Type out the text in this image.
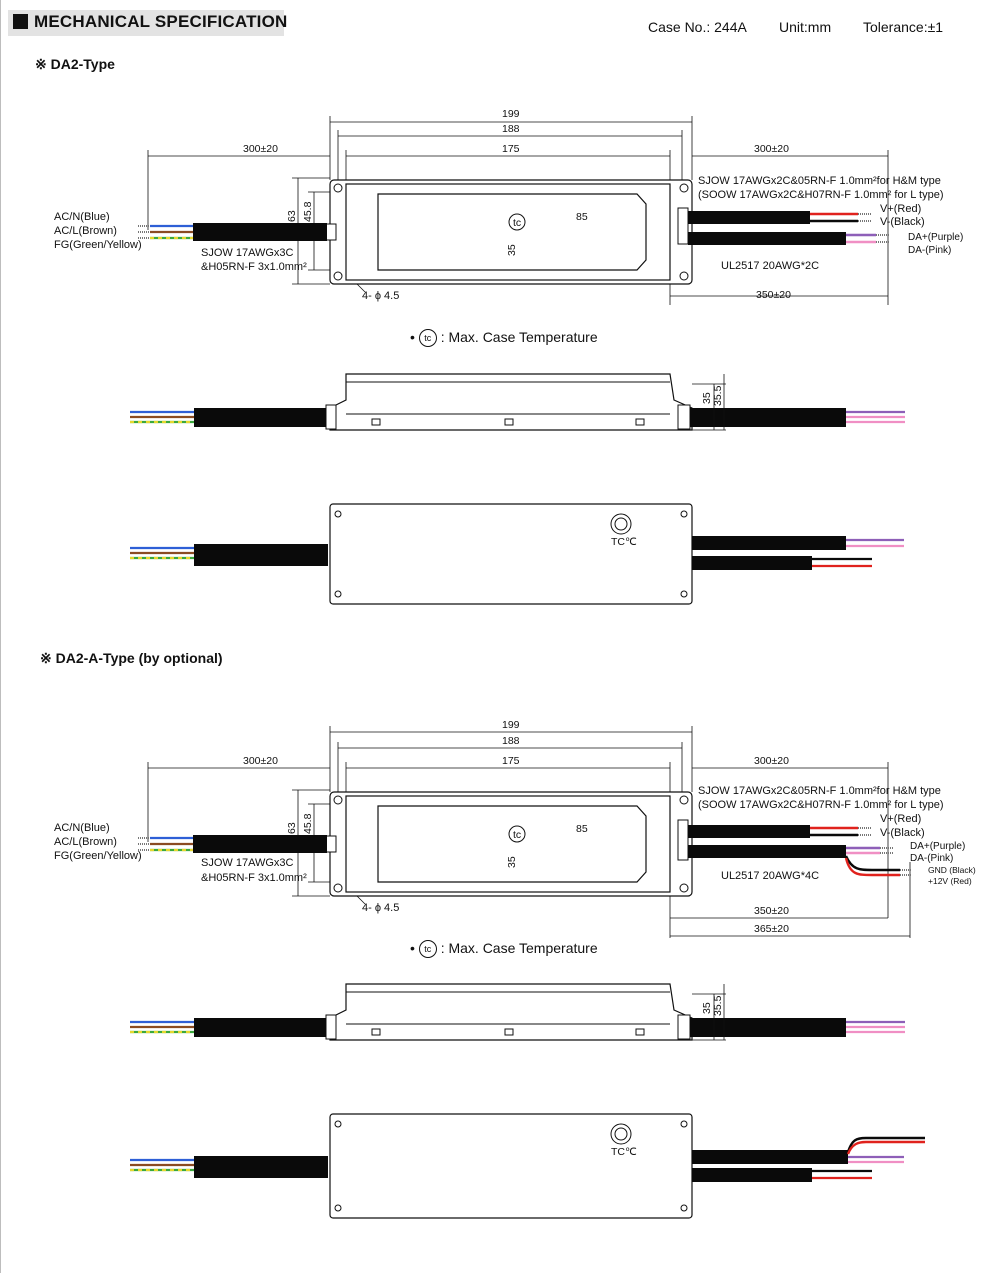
MECHANICAL SPECIFICATION	Case No.: 244A Unit:mm Tolerance:±1
※ DA2-Type
tc
199
188
175
300±20	300±20
350±20
85
63 45.8
35
AC/N(Blue)
AC/L(Brown)
FG(Green/Yellow)
SJOW 17AWGx3C
&H05RN-F 3x1.0mm²
SJOW 17AWGx2C&05RN-F 1.0mm²for H&M type
(SOOW 17AWGx2C&H07RN-F 1.0mm² for L type)
V+(Red)
V-(Black)
DA+(Purple)
DA-(Pink)
UL2517 20AWG*2C
4- ϕ 4.5
• tc : Max. Case Temperature
35 35.5
TC℃
※ DA2-A-Type (by optional)
tc
199
188
175
300±20	300±20
350±20
365±20
85
63 45.8
35
AC/N(Blue)
AC/L(Brown)
FG(Green/Yellow)
SJOW 17AWGx3C
&H05RN-F 3x1.0mm²
SJOW 17AWGx2C&05RN-F 1.0mm²for H&M type
(SOOW 17AWGx2C&H07RN-F 1.0mm² for L type)
V+(Red)
V-(Black)
DA+(Purple)
DA-(Pink)
GND (Black)
+12V (Red)
UL2517 20AWG*4C
4- ϕ 4.5
• tc : Max. Case Temperature
35 35.5
TC℃
